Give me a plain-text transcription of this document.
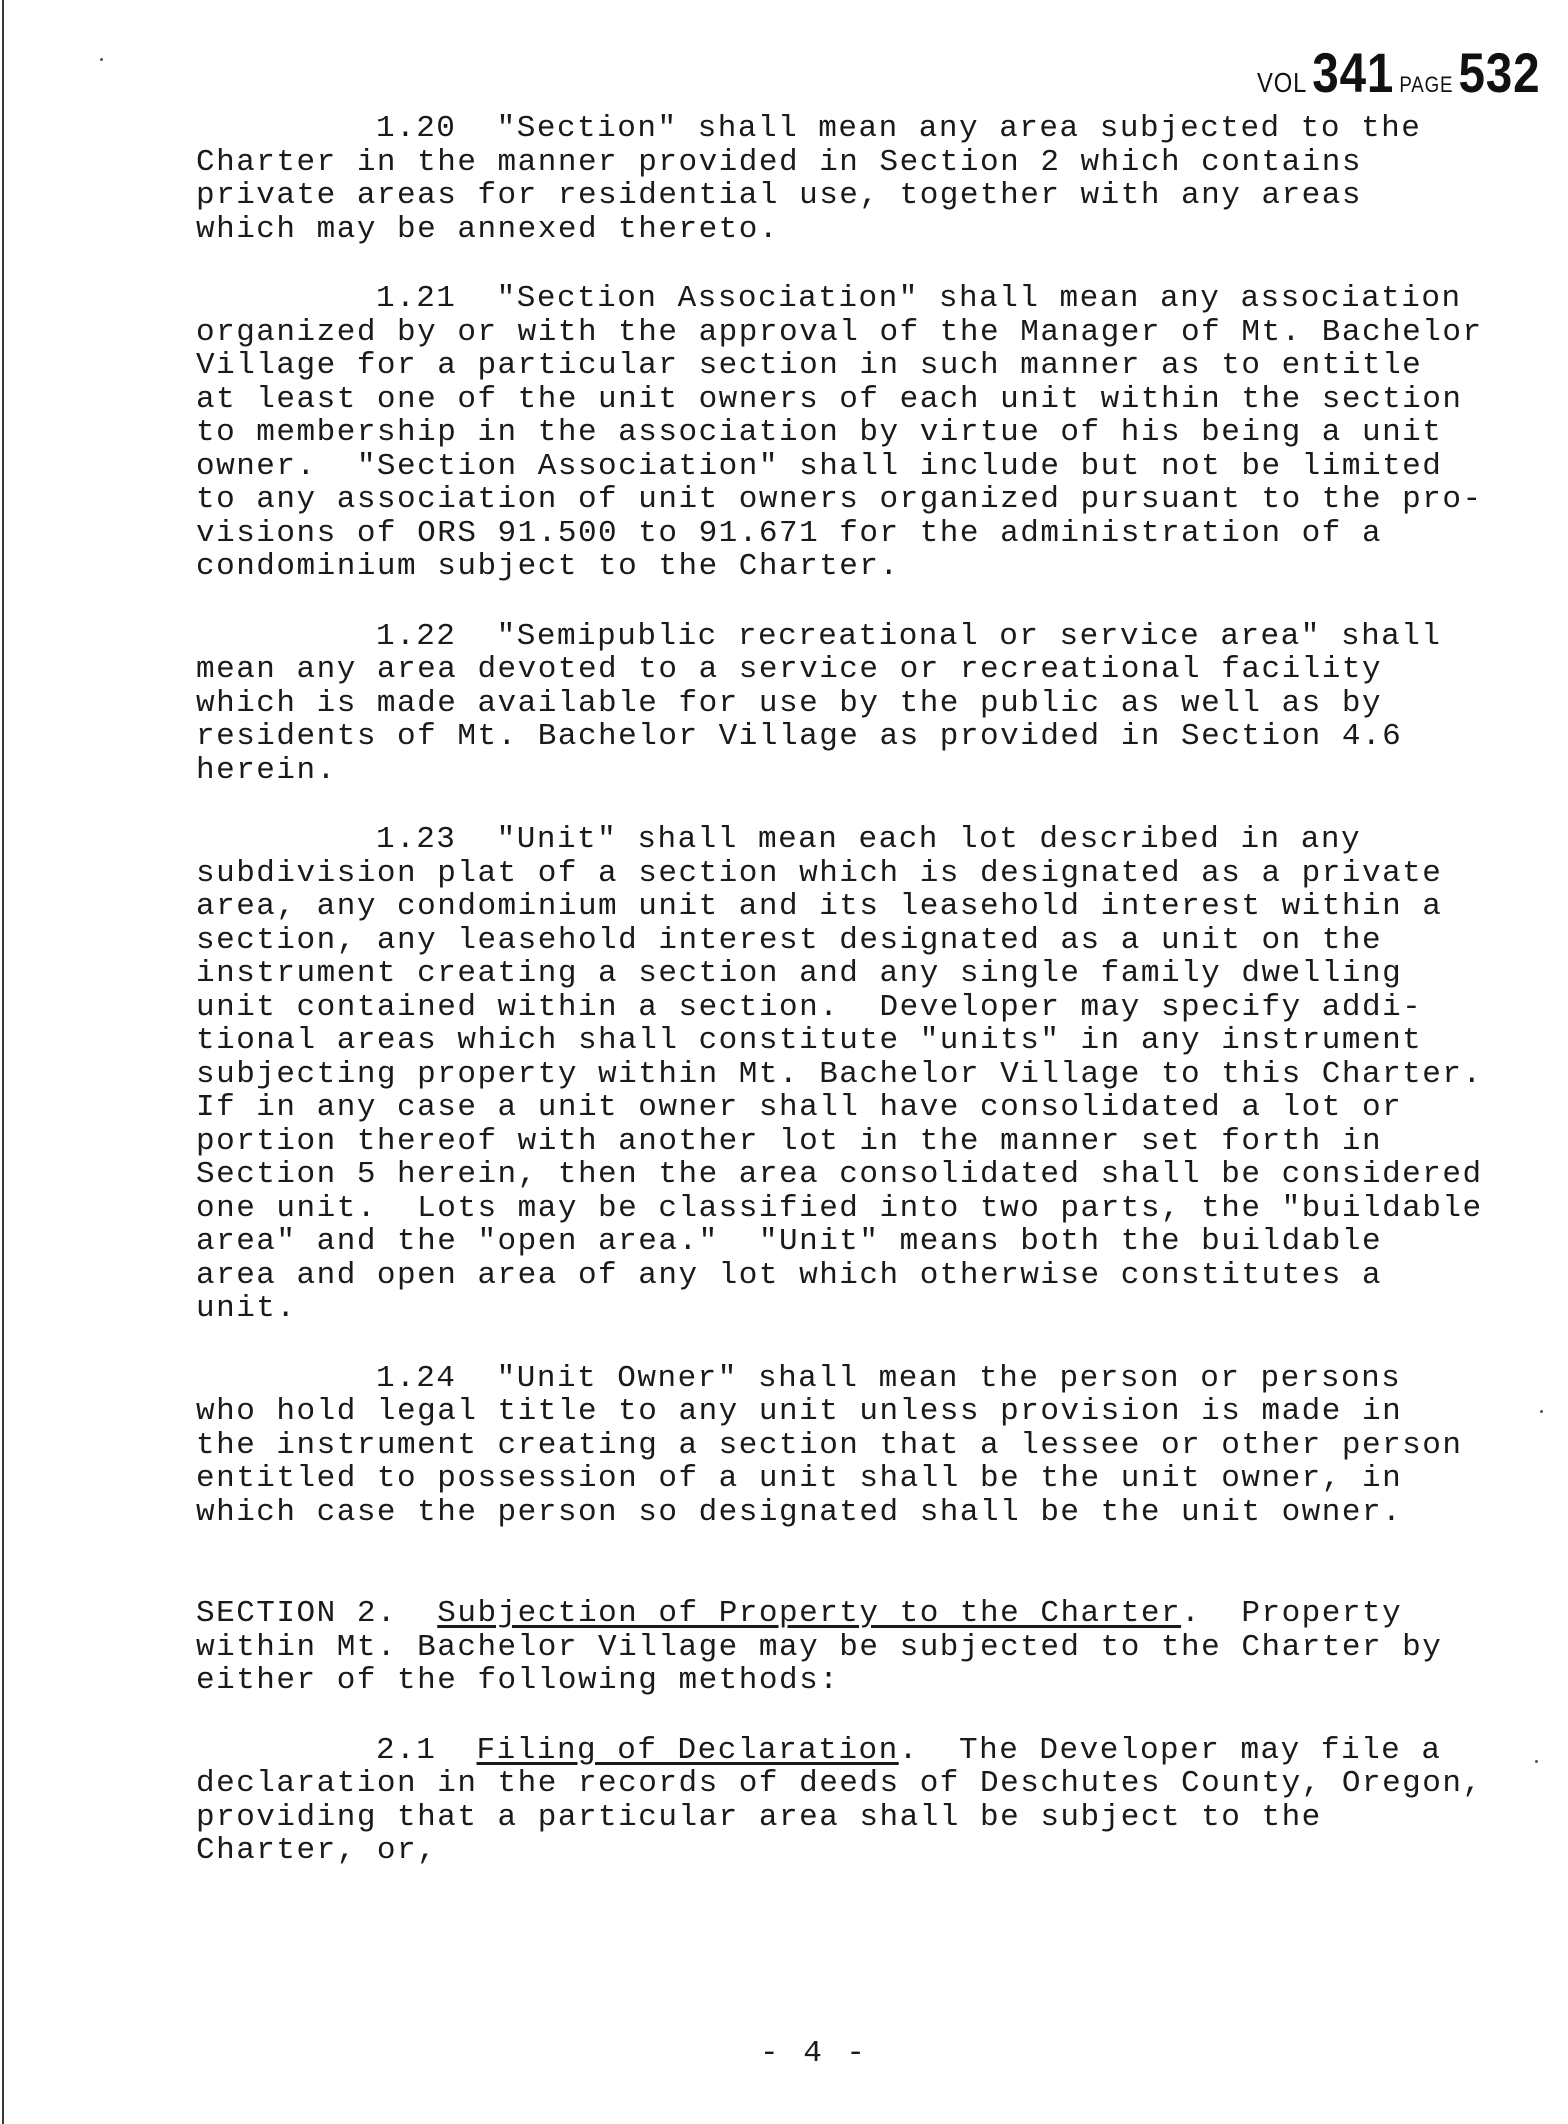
VOL 341 PAGE 532

1.20 "Section" shall mean any area subjected to the
Charter in the manner provided in Section 2 which contains
private areas for residential use, together with any areas
which may be annexed thereto.

1.21 "Section Association" shall mean any association
organized by or with the approval of the Manager of Mt. Bachelor
Village for a particular section in such manner as to entitle
at least one of the unit owners of each unit within the section
to membership in the association by virtue of his being a unit
owner.  "Section Association" shall include but not be limited
to any association of unit owners organized pursuant to the pro-
visions of ORS 91.500 to 91.671 for the administration of a
condominium subject to the Charter.

1.22 "Semipublic recreational or service area" shall
mean any area devoted to a service or recreational facility
which is made available for use by the public as well as by
residents of Mt. Bachelor Village as provided in Section 4.6
herein.

1.23 "Unit" shall mean each lot described in any
subdivision plat of a section which is designated as a private
area, any condominium unit and its leasehold interest within a
section, any leasehold interest designated as a unit on the
instrument creating a section and any single family dwelling
unit contained within a section.  Developer may specify addi-
tional areas which shall constitute "units" in any instrument
subjecting property within Mt. Bachelor Village to this Charter.
If in any case a unit owner shall have consolidated a lot or
portion thereof with another lot in the manner set forth in
Section 5 herein, then the area consolidated shall be considered
one unit.  Lots may be classified into two parts, the "buildable
area" and the "open area."  "Unit" means both the buildable
area and open area of any lot which otherwise constitutes a
unit.

1.24 "Unit Owner" shall mean the person or persons
who hold legal title to any unit unless provision is made in
the instrument creating a section that a lessee or other person
entitled to possession of a unit shall be the unit owner, in
which case the person so designated shall be the unit owner.

SECTION 2. Subjection of Property to the Charter.  Property
within Mt. Bachelor Village may be subjected to the Charter by
either of the following methods:

2.1 Filing of Declaration.  The Developer may file a
declaration in the records of deeds of Deschutes County, Oregon,
providing that a particular area shall be subject to the
Charter, or,

- 4 -
